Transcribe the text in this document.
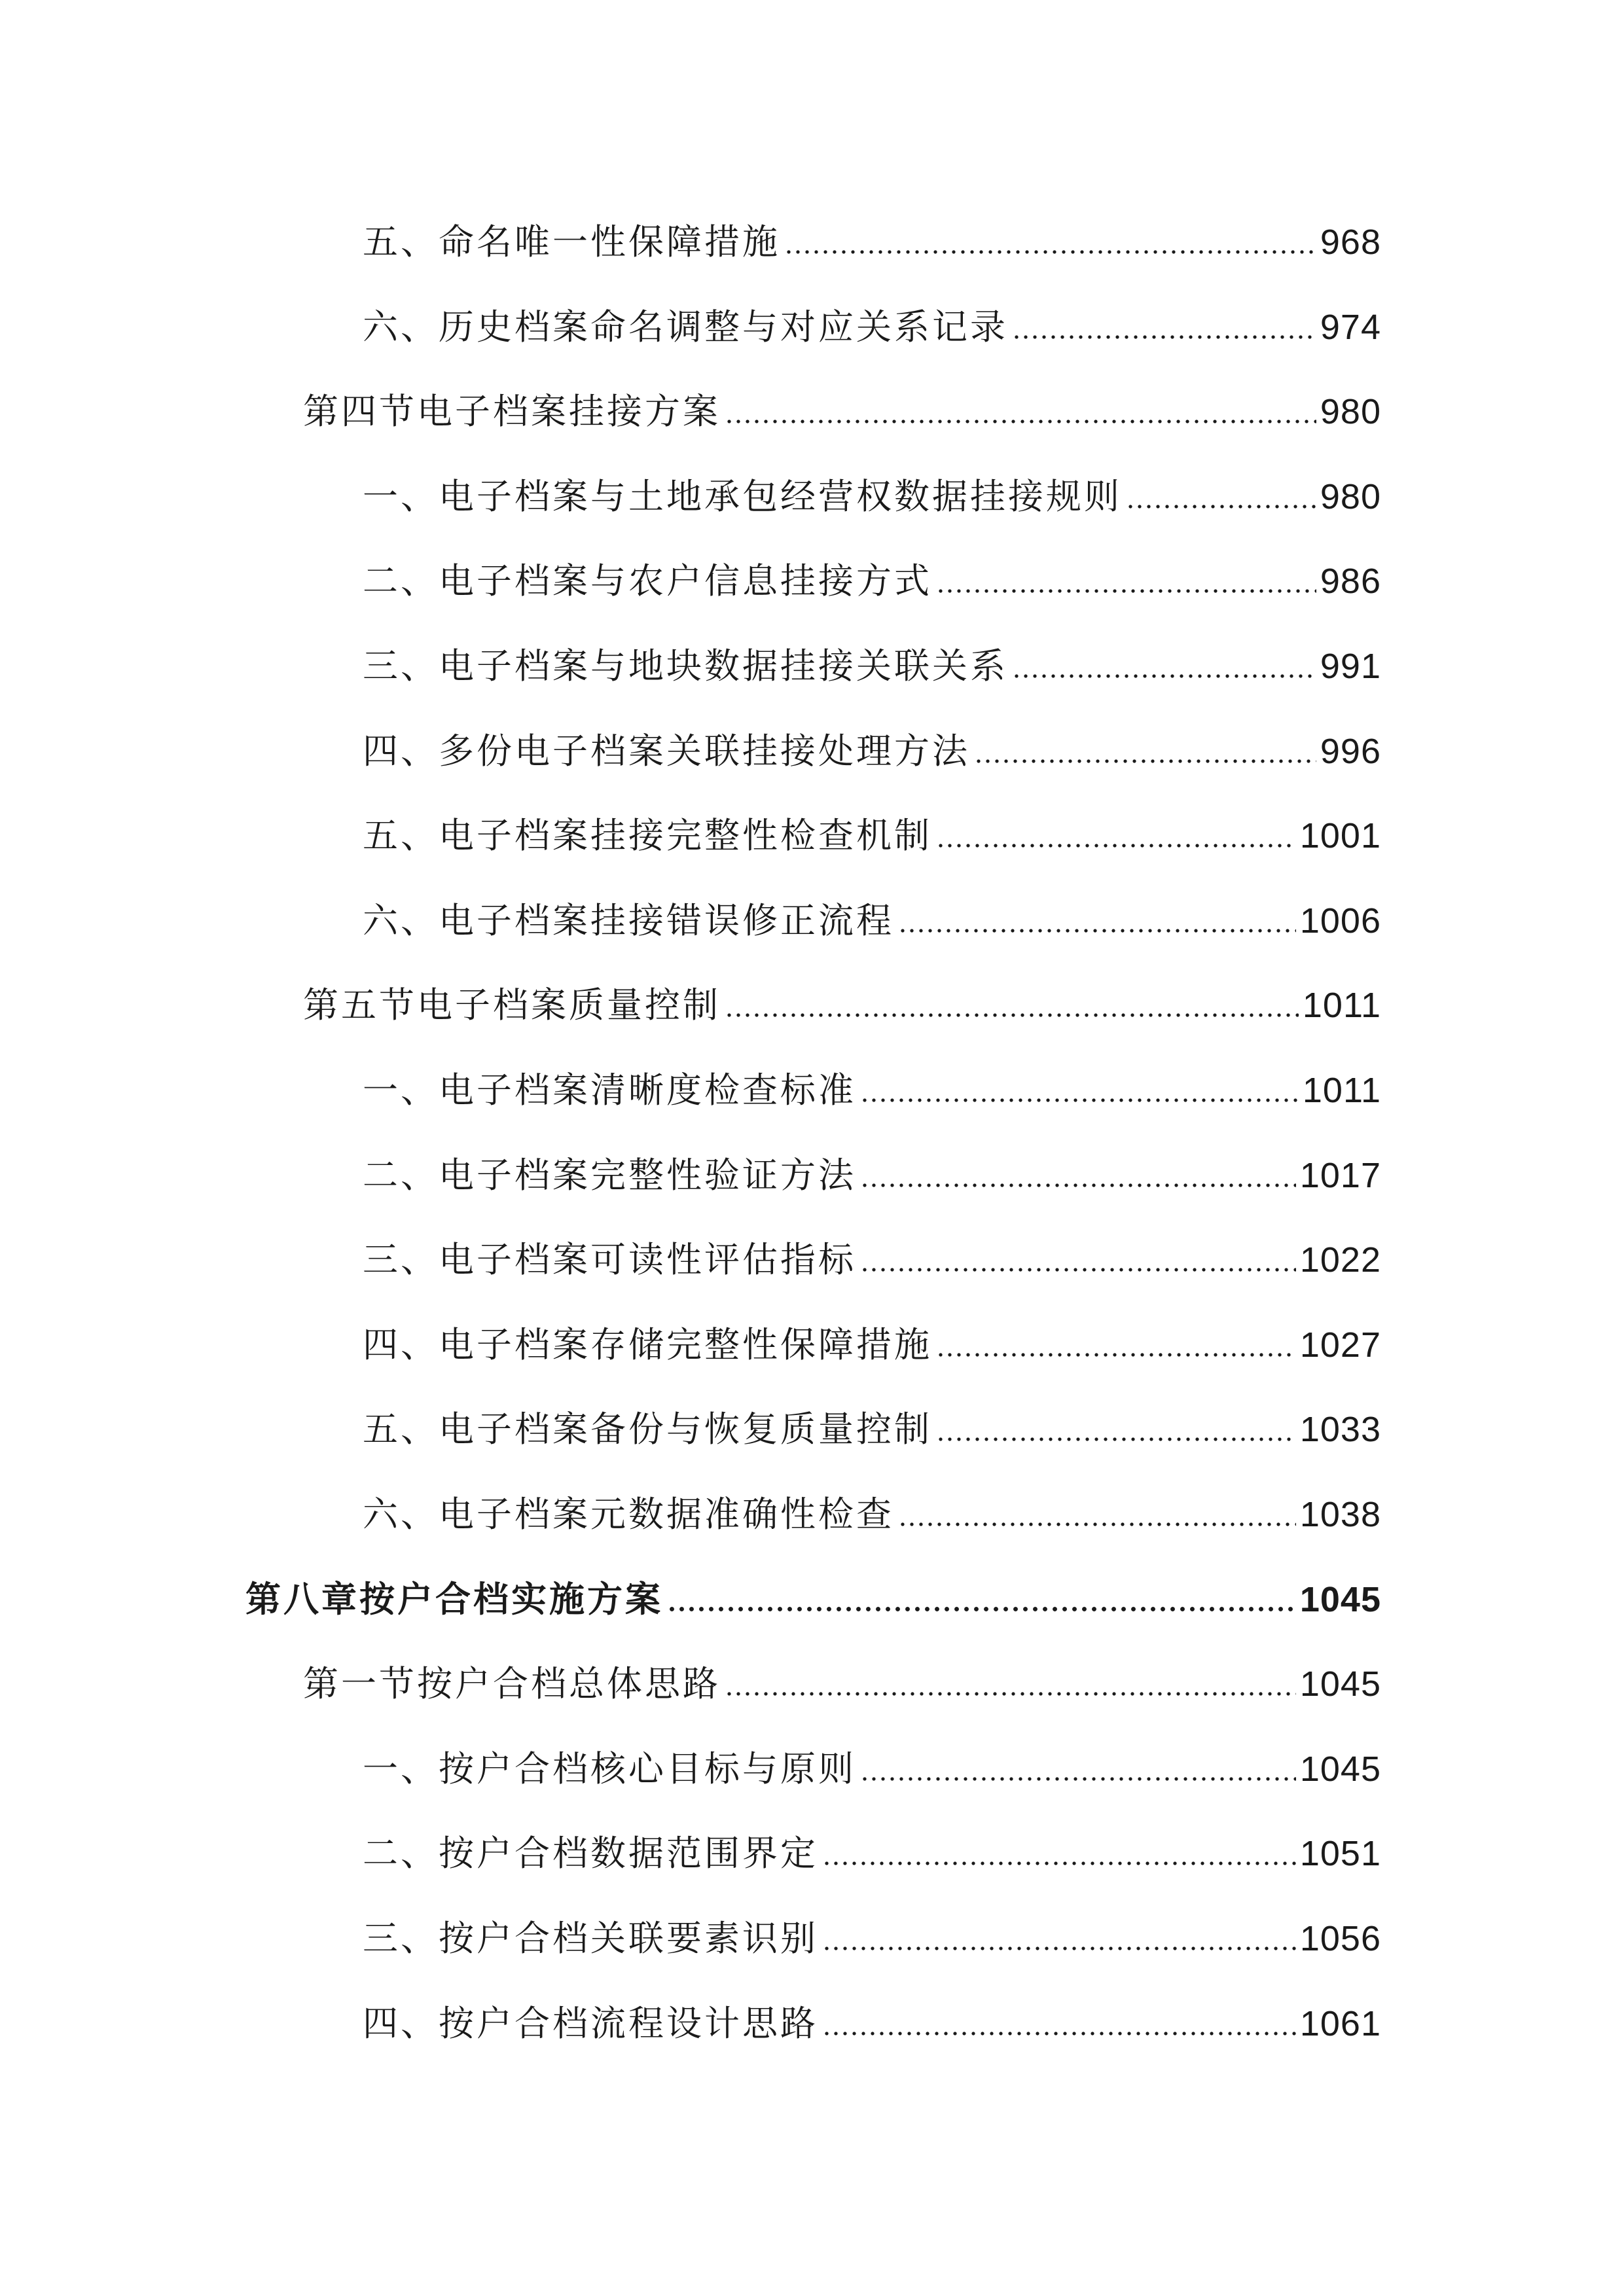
五、命名唯一性保障措施	968
六、历史档案命名调整与对应关系记录	974
第四节电子档案挂接方案	980
一、电子档案与土地承包经营权数据挂接规则	980
二、电子档案与农户信息挂接方式	986
三、电子档案与地块数据挂接关联关系	991
四、多份电子档案关联挂接处理方法	996
五、电子档案挂接完整性检查机制	1001
六、电子档案挂接错误修正流程	1006
第五节电子档案质量控制	1011
一、电子档案清晰度检查标准	1011
二、电子档案完整性验证方法	1017
三、电子档案可读性评估指标	1022
四、电子档案存储完整性保障措施	1027
五、电子档案备份与恢复质量控制	1033
六、电子档案元数据准确性检查	1038
第八章按户合档实施方案	1045
第一节按户合档总体思路	1045
一、按户合档核心目标与原则	1045
二、按户合档数据范围界定	1051
三、按户合档关联要素识别	1056
四、按户合档流程设计思路	1061
